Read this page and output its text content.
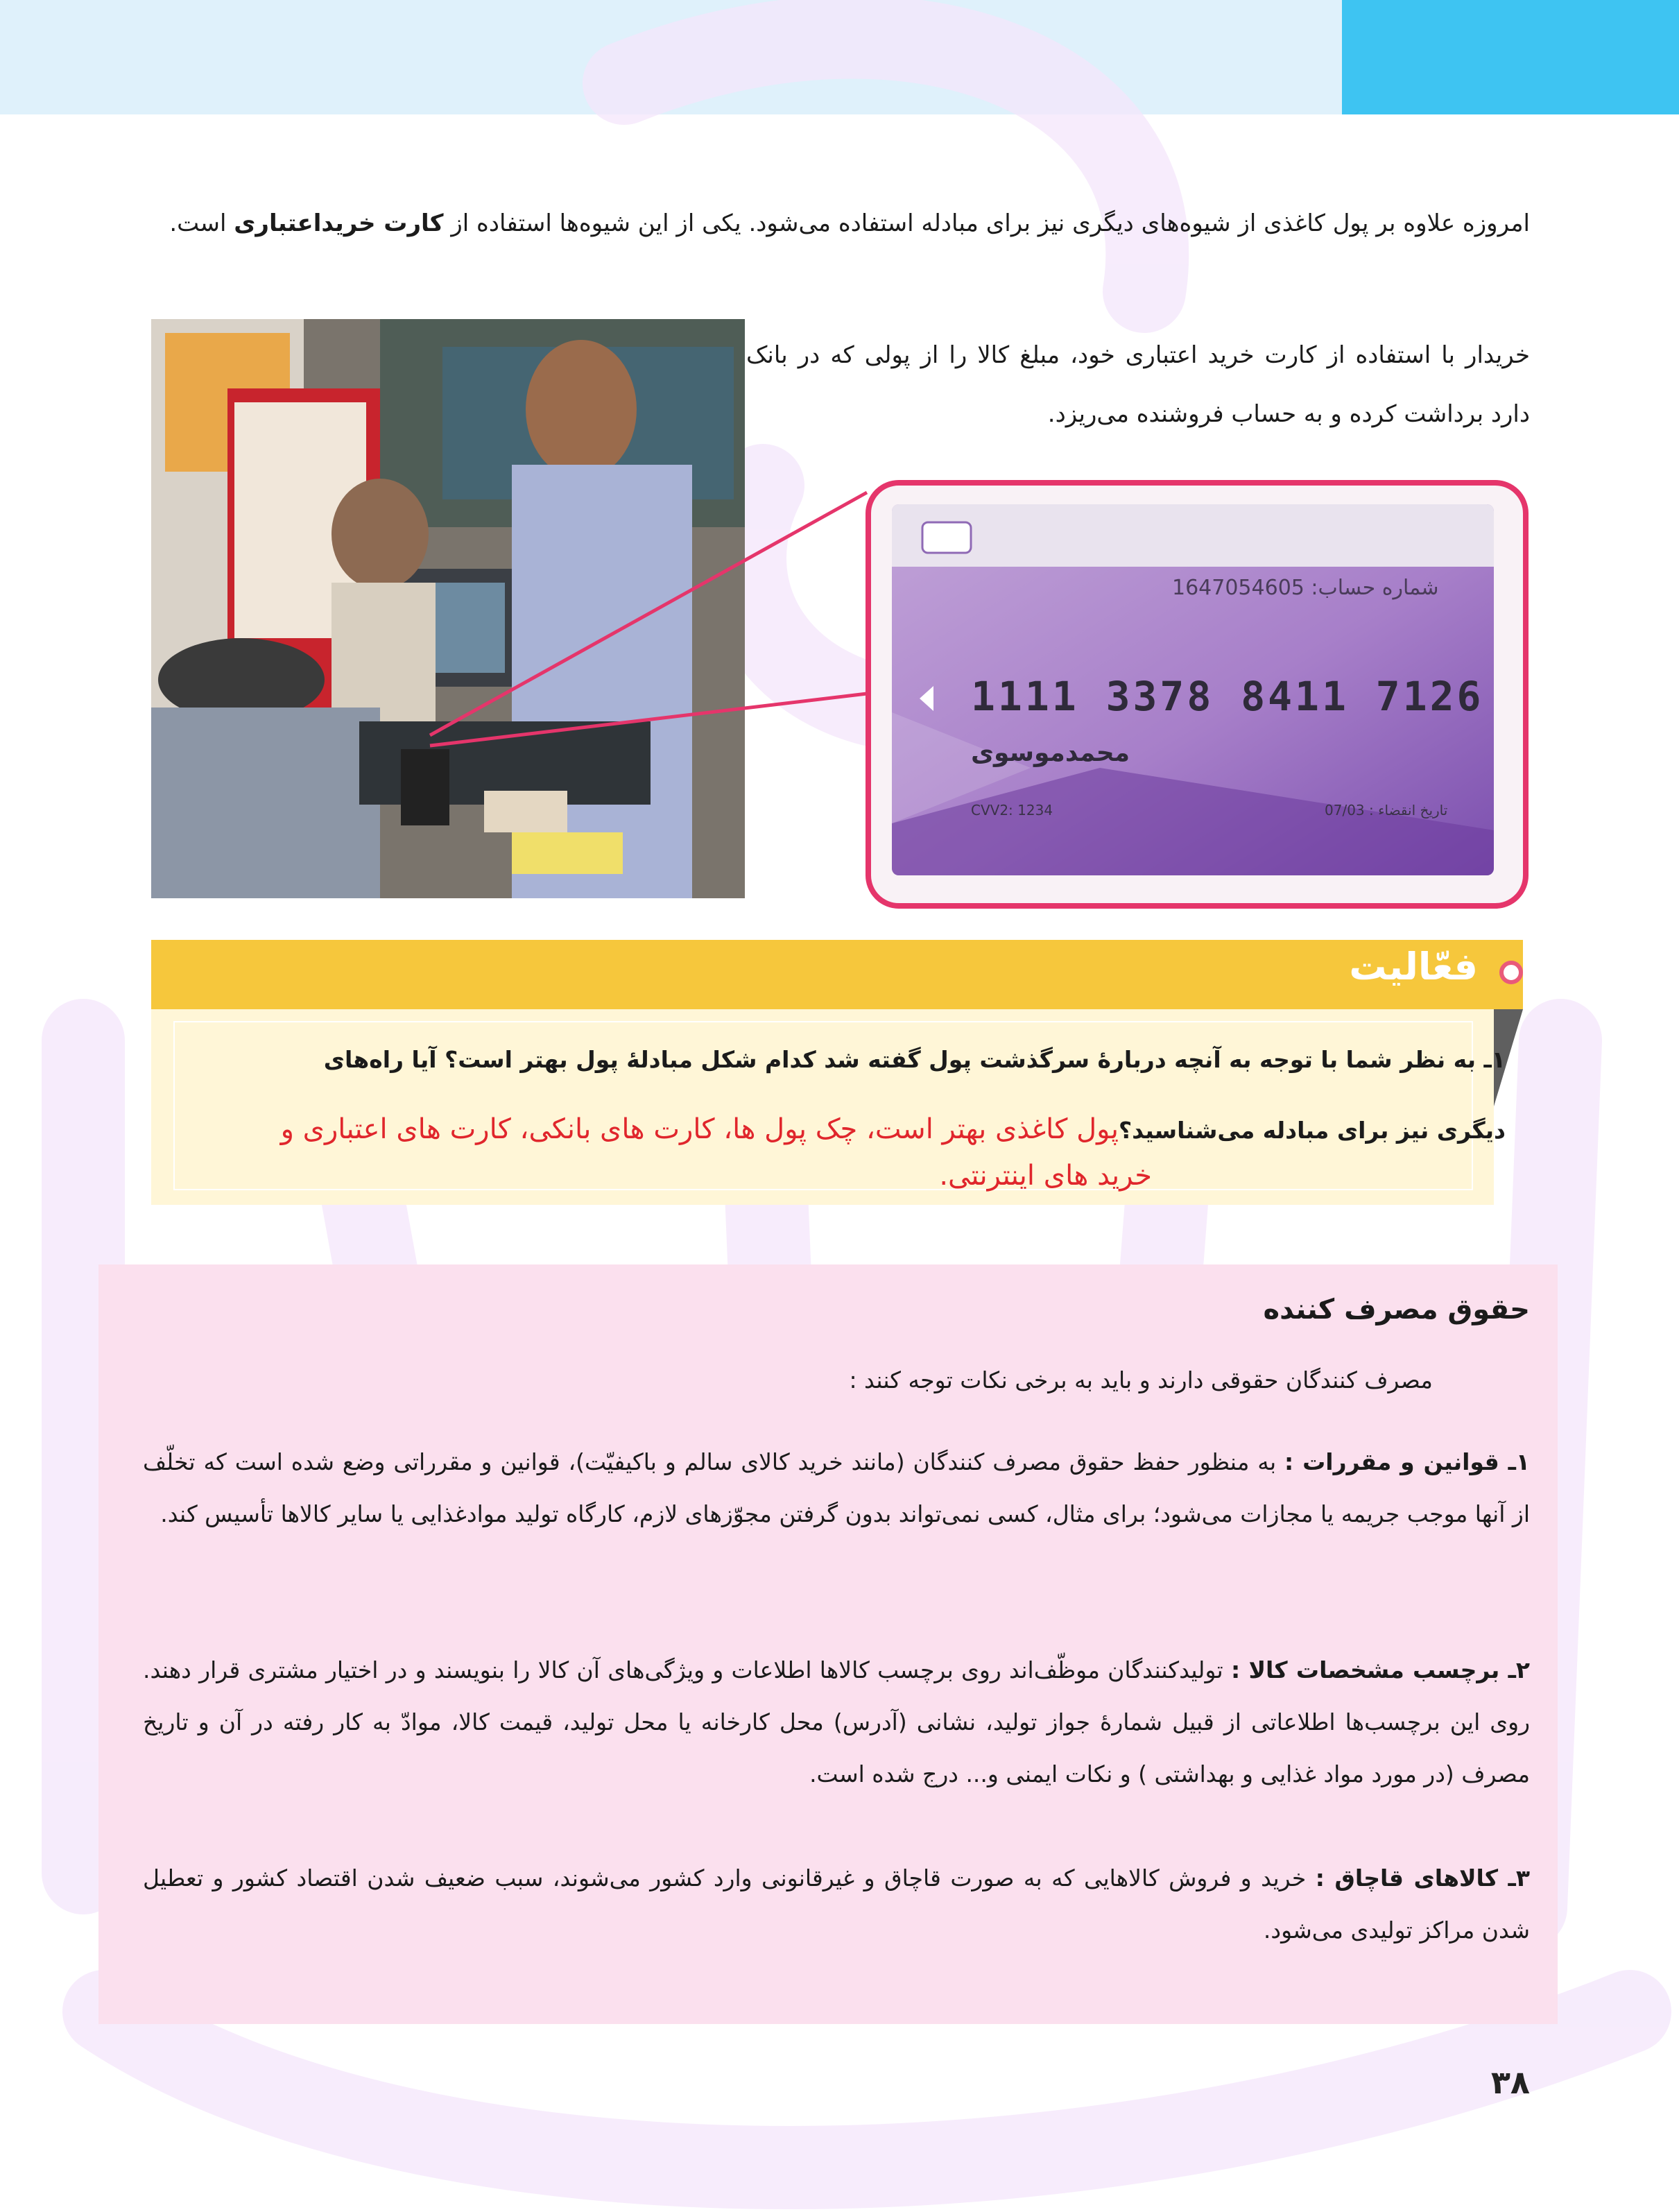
امروزه علاوه بر پول کاغذی از شیوه‌های دیگری نیز برای مبادله استفاده می‌شود. یکی از این شیوه‌ها استفاده از کارت خریداعتباری است.
خریدار با استفاده از کارت خرید اعتباری خود، مبلغ کالا را از پولی که در بانک دارد برداشت کرده و به حساب فروشنده می‌ریزد.
شماره حساب: 1647054605
1111 3378 8411 7126
محمدموسوی
CVV2: 1234	تاریخ انقضاء : 07/03
فعّالیت
۱ـ به نظر شما با توجه به آنچه دربارهٔ سرگذشت پول گفته شد کدام شکل مبادلهٔ پول بهتر است؟ آیا راه‌های
دیگری نیز برای مبادله می‌شناسید؟پول کاغذی بهتر است، چک پول ها، کارت های بانکی، کارت های اعتباری و
خرید های اینترنتی.
حقوق مصرف کننده
مصرف کنندگان حقوقی دارند و باید به برخی نکات توجه کنند :
۱ـ قوانین و مقررات : به منظور حفظ حقوق مصرف کنندگان (مانند خرید کالای سالم و باکیفیّت)، قوانین و مقرراتی وضع شده است که تخلّف از آنها موجب جریمه یا مجازات می‌شود؛ برای مثال، کسی نمی‌تواند بدون گرفتن مجوّزهای لازم، کارگاه تولید موادغذایی یا سایر کالاها تأسیس کند.
۲ـ برچسب مشخصات کالا : تولیدکنندگان موظّف‌اند روی برچسب کالاها اطلاعات و ویژگی‌های آن کالا را بنویسند و در اختیار مشتری قرار دهند. روی این برچسب‌ها اطلاعاتی از قبیل شمارهٔ جواز تولید، نشانی (آدرس) محل کارخانه یا محل تولید، قیمت کالا، موادّ به کار رفته در آن و تاریخ مصرف (در مورد مواد غذایی و بهداشتی ) و نکات ایمنی و... درج شده است.
۳ـ کالاهای قاچاق : خرید و فروش کالاهایی که به صورت قاچاق و غیرقانونی وارد کشور می‌شوند، سبب ضعیف شدن اقتصاد کشور و تعطیل شدن مراکز تولیدی می‌شود.
۳۸
